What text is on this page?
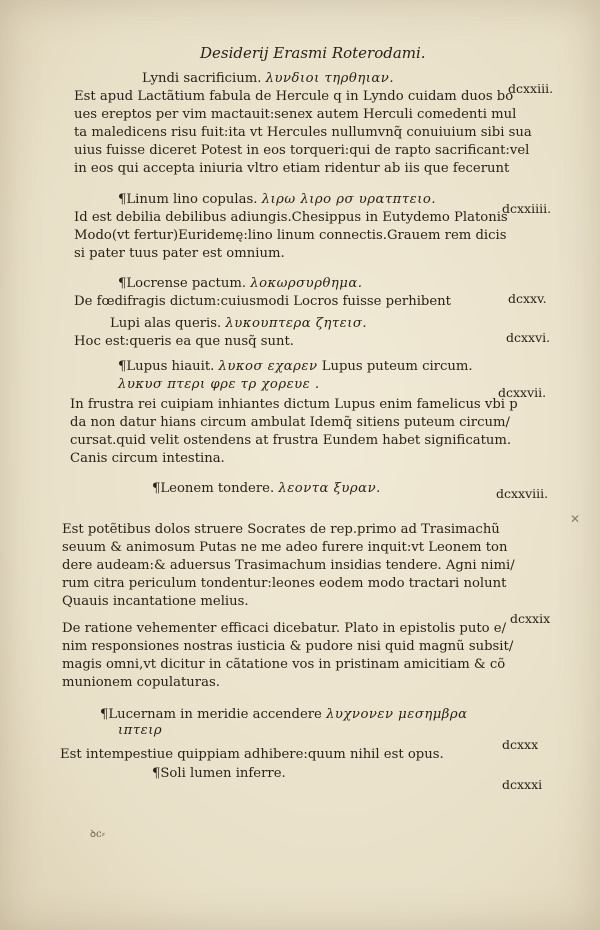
Desiderij Erasmi Roterodami.
Lyndi sacrificium. λυνδιοι τηρθηιαν.
Est apud Lactãtium fabula de Hercule q in Lyndo cuidam duos bo
ues ereptos per vim mactauit:senex autem Herculi comedenti mul
ta maledicens risu fuit:ita vt Hercules nullumvnq̃ conuiuium sibi sua
uius fuisse diceret Potest in eos torqueri:qui de rapto sacrificant:vel
in eos qui accepta iniuria vltro etiam ridentur ab iis que fecerunt
¶Linum lino copulas. λιρω λιρο ρσ υρατπτειο.
Id est debilia debilibus adiungis.Chesippus in Eutydemo Platonis
Modo(vt fertur)Euridemę:lino linum connectis.Grauem rem dicis
si pater tuus pater est omnium.
¶Locrense pactum. λοκωρσυρθημα.
De fœdifragis dictum:cuiusmodi Locros fuisse perhibent
Lupi alas queris. λυκουπτερα ζητεισ.
Hoc est:queris ea que nusq̃ sunt.
¶Lupus hiauit. λυκοσ εχαρεν Lupus puteum circum.
λυκυσ πτερι φρε τρ χορευε .
In frustra rei cuipiam inhiantes dictum Lupus enim famelicus vbi p
da non datur hians circum ambulat Idemq̃ sitiens puteum circum/
cursat.quid velit ostendens at frustra Eundem habet significatum.
Canis circum intestina.
¶Leonem tondere. λεοντα ξυραν.
Est potẽtibus dolos struere Socrates de rep.primo ad Trasimachũ
seuum & animosum Putas ne me adeo furere inquit:vt Leonem ton
dere audeam:& aduersus Trasimachum insidias tendere. Agni nimi/
rum citra periculum tondentur:leones eodem modo tractari nolunt
Quauis incantatione melius.
De ratione vehementer efficaci dicebatur. Plato in epistolis puto e/
nim responsiones nostras iusticia & pudore nisi quid magnũ subsit/
magis omni,vt dicitur in cãtatione vos in pristinam amicitiam & cõ
munionem copulaturas.
¶Lucernam in meridie accendere λυχνονεν μεσημβρα
ιπτειρ
Est intempestiue quippiam adhibere:quum nihil est opus.
¶Soli lumen inferre.
dcxxiii.
dcxxiiii.
dcxxv.
dcxxvi.
dcxxvii.
dcxxviii.
dcxxix
dcxxx
dcxxxi
✕
ꝺc⸗
